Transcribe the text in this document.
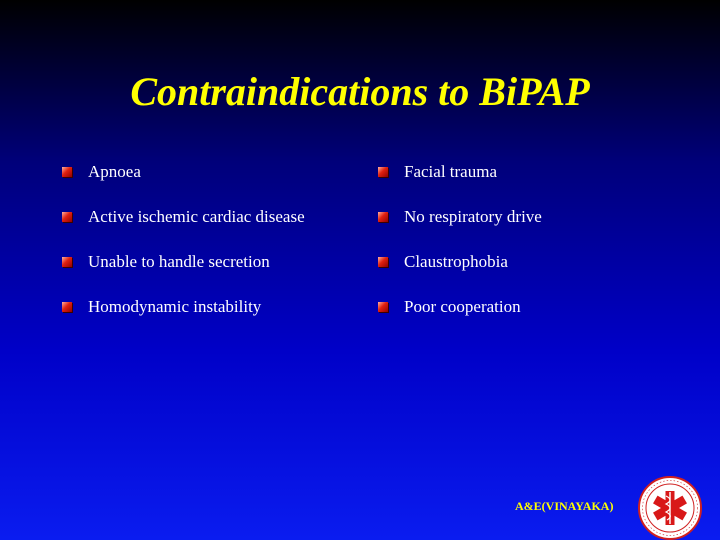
Contraindications to BiPAP
Apnoea
Active ischemic cardiac disease
Unable to handle secretion
Homodynamic instability
Facial trauma
No respiratory drive
Claustrophobia
Poor cooperation
A&E(VINAYAKA)
